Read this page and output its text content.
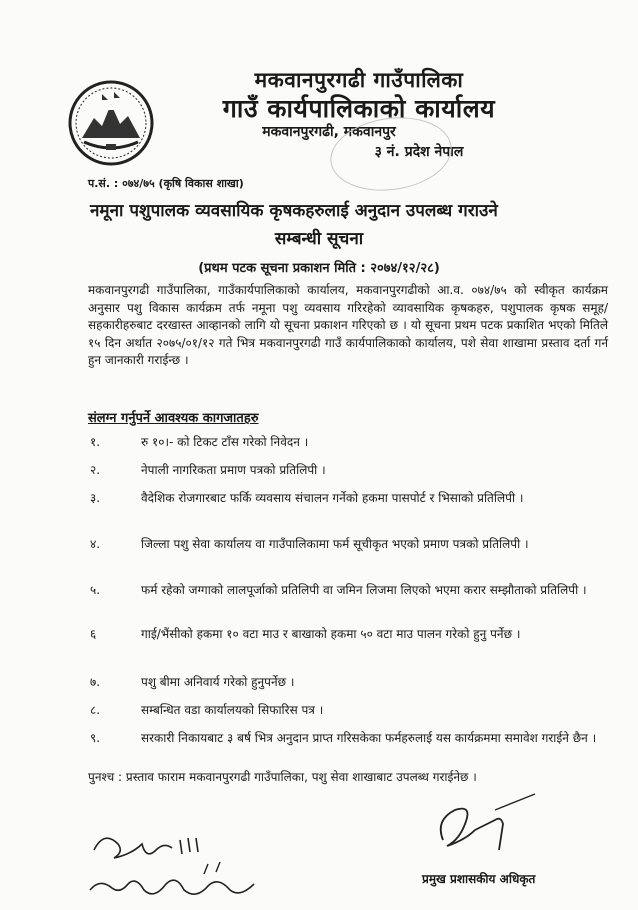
मकवानपुरगढी गाउँपालिका
गाउँ कार्यपालिकाको कार्यालय
मकवानपुरगढी, मकवानपुर
३ नं. प्रदेश नेपाल
प.सं. : ०७४/७५ (कृषि विकास शाखा)
नमूना पशुपालक व्यवसायिक कृषकहरुलाई अनुदान उपलब्ध गराउने
सम्बन्धी सूचना
(प्रथम पटक सूचना प्रकाशन मिति : २०७४/१२/२८)
मकवानपुरगढी गाउँपालिका, गाउँकार्यपालिकाको कार्यालय, मकवानपुरगढीको आ.व. ०७४/७५ को स्वीकृत कार्यक्रम अनुसार पशु विकास कार्यक्रम तर्फ नमूना पशु व्यवसाय गरिरहेको व्यावसायिक कृषकहरु, पशुपालक कृषक समूह/सहकारीहरुबाट दरखास्त आव्हानको लागि यो सूचना प्रकाशन गरिएको छ । यो सूचना प्रथम पटक प्रकाशित भएको मितिले १५ दिन अर्थात २०७५/०१/१२ गते भित्र मकवानपुरगढी गाउँ कार्यपालिकाको कार्यालय, पशे सेवा शाखामा प्रस्ताव दर्ता गर्न हुन जानकारी गराईन्छ ।
संलग्न गर्नुपर्ने आवश्यक कागजातहरु
१.	रु १०।- को टिकट टाँस गरेको निवेदन ।
२.	नेपाली नागरिकता प्रमाण पत्रको प्रतिलिपी ।
३.	वैदेशिक रोजगारबाट फर्कि व्यवसाय संचालन गर्नेको हकमा पासपोर्ट र भिसाको प्रतिलिपी ।
४.	जिल्ला पशु सेवा कार्यालय वा गाउँपालिकामा फर्म सूचीकृत भएको प्रमाण पत्रको प्रतिलिपी ।
५.	फर्म रहेको जग्गाको लालपूर्जाको प्रतिलिपी वा जमिन लिजमा लिएको भएमा करार सम्झौताको प्रतिलिपी ।
६	गाई/भैंसीको हकमा १० वटा माउ र बाखाको हकमा ५० वटा माउ पालन गरेको हुनु पर्नेछ ।
७.	पशु बीमा अनिवार्य गरेको हुनुपर्नेछ ।
८.	सम्बन्धित वडा कार्यालयको सिफारिस पत्र ।
९.	सरकारी निकायबाट ३ बर्ष भित्र अनुदान प्राप्त गरिसकेका फर्महरुलाई यस कार्यक्रममा समावेश गराईने छैन ।
पुनश्च : प्रस्ताव फाराम मकवानपुरगढी गाउँपालिका, पशु सेवा शाखाबाट उपलब्ध गराईनेछ ।
प्रमुख प्रशासकीय अधिकृत
